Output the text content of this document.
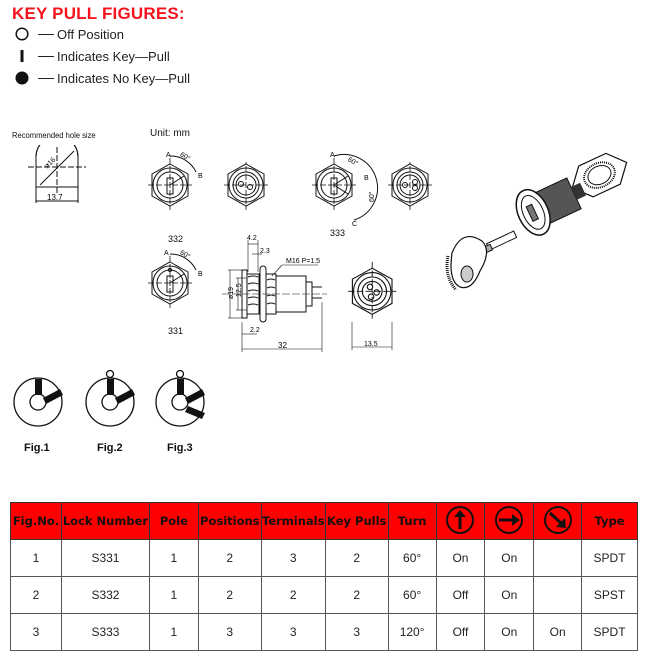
KEY PULL FIGURES:
Off Position
Indicates Key—Pull
Indicates No Key—Pull
Recommended hole size
ø16
13.7
Unit: mm
A
B
60°
332
A
B
C
60°
60°
333
A
B
60°
331
ø19 12.5
4.2
2.3
M16 P=1.5
2.2
32	13.5
Fig.1	Fig.2	Fig.3
Fig.No.	Lock Number	Pole	Positions	Terminals	Key Pulls	Turn				Type
1	S331	1	2	3	2	60°	On	On		SPDT
2	S332	1	2	2	2	60°	Off	On		SPST
3	S333	1	3	3	3	120°	Off	On	On	SPDT
